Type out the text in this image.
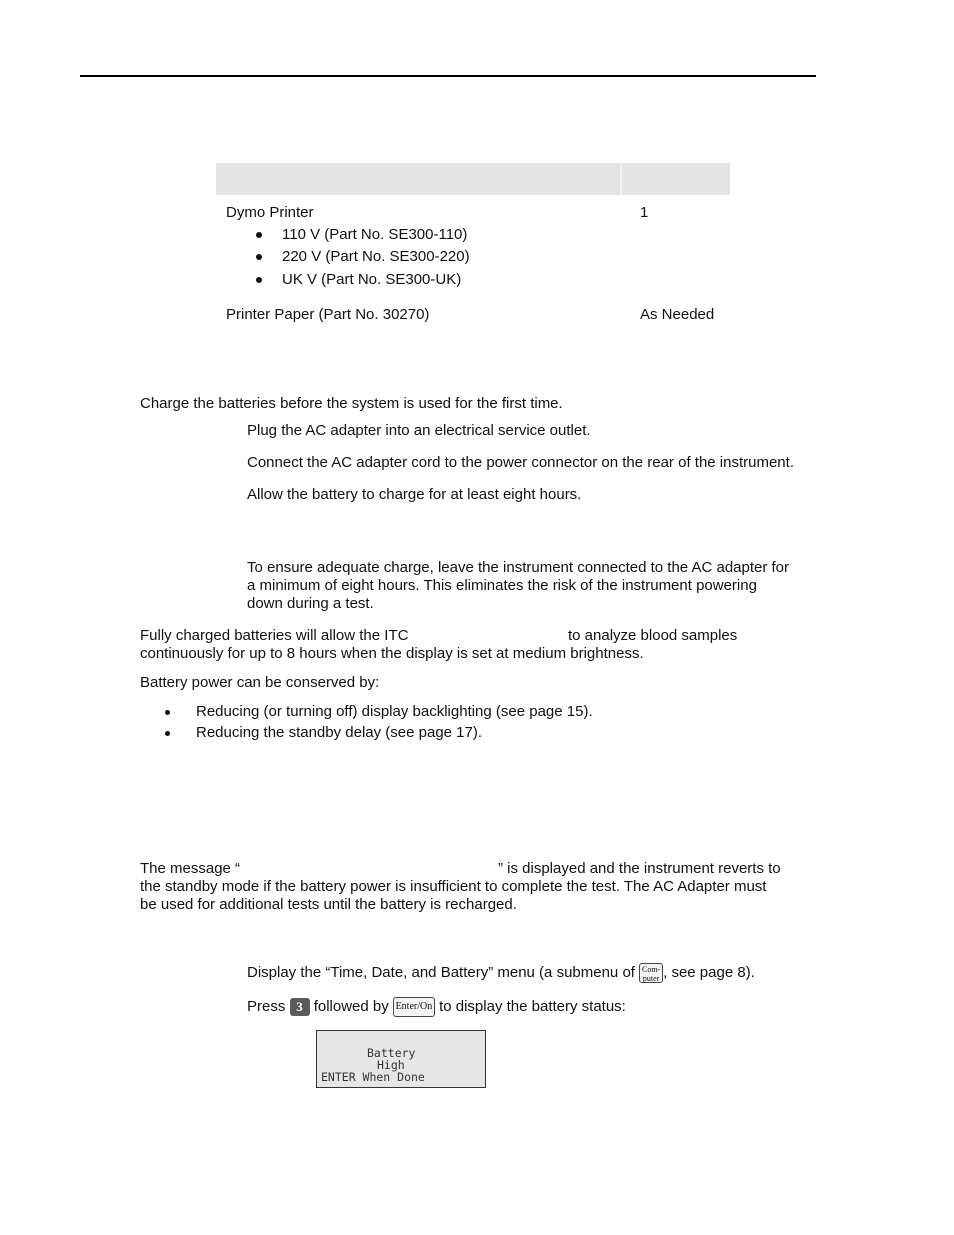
Dymo Printer	1
110 V (Part No. SE300-110)
220 V (Part No. SE300-220)
UK V (Part No. SE300-UK)
Printer Paper (Part No. 30270)	As Needed
Charge the batteries before the system is used for the first time.
Plug the AC adapter into an electrical service outlet.
Connect the AC adapter cord to the power connector on the rear of the instrument.
Allow the battery to charge for at least eight hours.
To ensure adequate charge, leave the instrument connected to the AC adapter for
a minimum of eight hours. This eliminates the risk of the instrument powering
down during a test.
Fully charged batteries will allow the ITC	to analyze blood samples
continuously for up to 8 hours when the display is set at medium brightness.
Battery power can be conserved by:
Reducing (or turning off) display backlighting (see page 15).
Reducing the standby delay (see page 17).
The message “	” is displayed and the instrument reverts to
the standby mode if the battery power is insufficient to complete the test. The AC Adapter must
be used for additional tests until the battery is recharged.
Display the “Time, Date, and Battery” menu (a submenu of Com-
puter , see page 8).
Press 3 followed by Enter/On to display the battery status:
Battery
High
ENTER When Done
